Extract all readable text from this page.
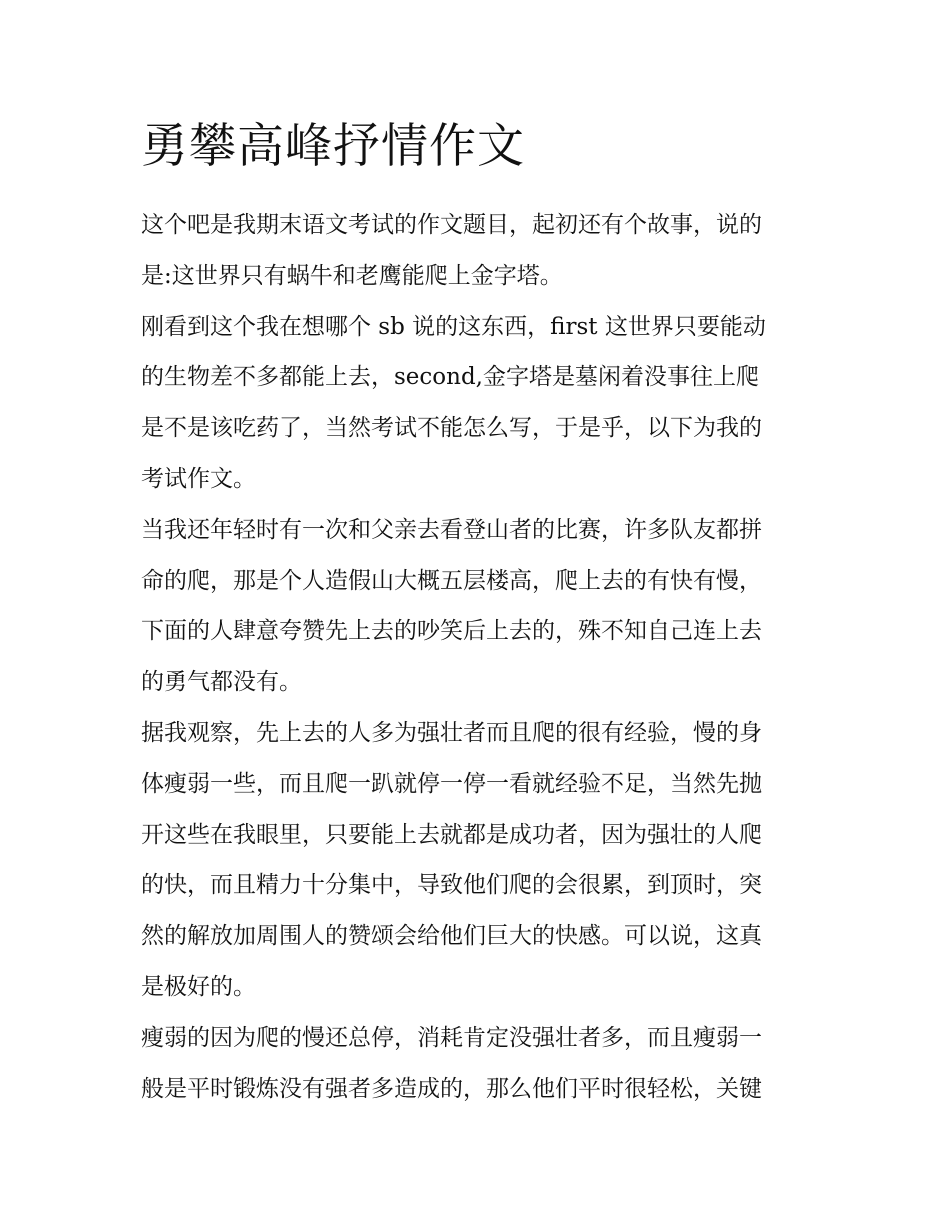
勇攀高峰抒情作文

这个吧是我期末语文考试的作文题目，起初还有个故事，说的

是:这世界只有蜗牛和老鹰能爬上金字塔。

刚看到这个我在想哪个 sb 说的这东西，first 这世界只要能动

的生物差不多都能上去，second,金字塔是墓闲着没事往上爬

是不是该吃药了，当然考试不能怎么写，于是乎，以下为我的

考试作文。

当我还年轻时有一次和父亲去看登山者的比赛，许多队友都拼

命的爬，那是个人造假山大概五层楼高，爬上去的有快有慢，

下面的人肆意夸赞先上去的吵笑后上去的，殊不知自己连上去

的勇气都没有。

据我观察，先上去的人多为强壮者而且爬的很有经验，慢的身

体瘦弱一些，而且爬一趴就停一停一看就经验不足，当然先抛

开这些在我眼里，只要能上去就都是成功者，因为强壮的人爬

的快，而且精力十分集中，导致他们爬的会很累，到顶时，突

然的解放加周围人的赞颂会给他们巨大的快感。可以说，这真

是极好的。

瘦弱的因为爬的慢还总停，消耗肯定没强壮者多，而且瘦弱一

般是平时锻炼没有强者多造成的，那么他们平时很轻松，关键
